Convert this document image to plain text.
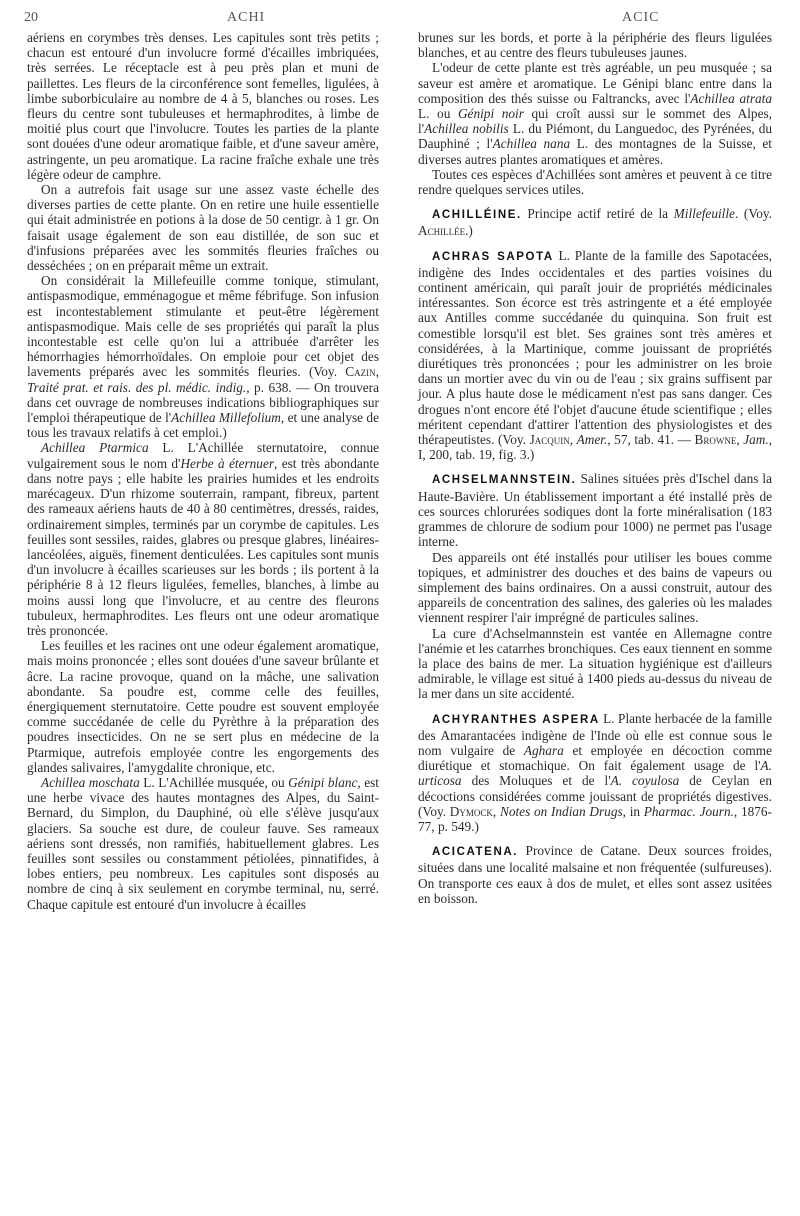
20	ACHI	ACIC

aériens en corymbes très denses. Les capitules sont très petits ; chacun est entouré d'un involucre formé d'écailles imbriquées, très serrées. Le réceptacle est à peu près plan et muni de paillettes. Les fleurs de la circonférence sont femelles, ligulées, à limbe suborbiculaire au nombre de 4 à 5, blanches ou roses. Les fleurs du centre sont tubuleuses et hermaphrodites, à limbe de moitié plus court que l'involucre. Toutes les parties de la plante sont douées d'une odeur aromatique faible, et d'une saveur amère, astringente, un peu aromatique. La racine fraîche exhale une très légère odeur de camphre.

On a autrefois fait usage sur une assez vaste échelle des diverses parties de cette plante. On en retire une huile essentielle qui était administrée en potions à la dose de 50 centigr. à 1 gr. On faisait usage également de son eau distillée, de son suc et d'infusions préparées avec les sommités fleuries fraîches ou desséchées ; on en préparait même un extrait.

On considérait la Millefeuille comme tonique, stimulant, antispasmodique, emménagogue et même fébrifuge. Son infusion est incontestablement stimulante et peut-être légèrement antispasmodique. Mais celle de ses propriétés qui paraît la plus incontestable est celle qu'on lui a attribuée d'arrêter les hémorrhagies hémorrhoïdales. On emploie pour cet objet des lavements préparés avec les sommités fleuries. (Voy. Cazin, Traité prat. et rais. des pl. médic. indig., p. 638. — On trouvera dans cet ouvrage de nombreuses indications bibliographiques sur l'emploi thérapeutique de l'Achillea Millefolium, et une analyse de tous les travaux relatifs à cet emploi.)

Achillea Ptarmica L. L'Achillée sternutatoire, connue vulgairement sous le nom d'Herbe à éternuer, est très abondante dans notre pays ; elle habite les prairies humides et les endroits marécageux. D'un rhizome souterrain, rampant, fibreux, partent des rameaux aériens hauts de 40 à 80 centimètres, dressés, raides, ordinairement simples, terminés par un corymbe de capitules. Les feuilles sont sessiles, raides, glabres ou presque glabres, linéaires-lancéolées, aiguës, finement denticulées. Les capitules sont munis d'un involucre à écailles scarieuses sur les bords ; ils portent à la périphérie 8 à 12 fleurs ligulées, femelles, blanches, à limbe au moins aussi long que l'involucre, et au centre des fleurons tubuleux, hermaphrodites. Les fleurs ont une odeur aromatique très prononcée.

Les feuilles et les racines ont une odeur également aromatique, mais moins prononcée ; elles sont douées d'une saveur brûlante et âcre. La racine provoque, quand on la mâche, une salivation abondante. Sa poudre est, comme celle des feuilles, énergiquement sternutatoire. Cette poudre est souvent employée comme succédanée de celle du Pyrèthre à la préparation des poudres insecticides. On ne se sert plus en médecine de la Ptarmique, autrefois employée contre les engorgements des glandes salivaires, l'amygdalite chronique, etc.

Achillea moschata L. L'Achillée musquée, ou Génipi blanc, est une herbe vivace des hautes montagnes des Alpes, du Saint-Bernard, du Simplon, du Dauphiné, où elle s'élève jusqu'aux glaciers. Sa souche est dure, de couleur fauve. Ses rameaux aériens sont dressés, non ramifiés, habituellement glabres. Les feuilles sont sessiles ou constamment pétiolées, pinnatifides, à lobes entiers, peu nombreux. Les capitules sont disposés au nombre de cinq à six seulement en corymbe terminal, nu, serré. Chaque capitule est entouré d'un involucre à écailles

brunes sur les bords, et porte à la périphérie des fleurs ligulées blanches, et au centre des fleurs tubuleuses jaunes.

L'odeur de cette plante est très agréable, un peu musquée ; sa saveur est amère et aromatique. Le Génipi blanc entre dans la composition des thés suisse ou Faltrancks, avec l'Achillea atrata L. ou Génipi noir qui croît aussi sur le sommet des Alpes, l'Achillea nobilis L. du Piémont, du Languedoc, des Pyrénées, du Dauphiné ; l'Achillea nana L. des montagnes de la Suisse, et diverses autres plantes aromatiques et amères.

Toutes ces espèces d'Achillées sont amères et peuvent à ce titre rendre quelques services utiles.

ACHILLÉINE. Principe actif retiré de la Millefeuille. (Voy. Achillée.)

ACHRAS SAPOTA L. Plante de la famille des Sapotacées, indigène des Indes occidentales et des parties voisines du continent américain, qui paraît jouir de propriétés médicinales intéressantes. Son écorce est très astringente et a été employée aux Antilles comme succédanée du quinquina. Son fruit est comestible lorsqu'il est blet. Ses graines sont très amères et considérées, à la Martinique, comme jouissant de propriétés diurétiques très prononcées ; pour les administrer on les broie dans un mortier avec du vin ou de l'eau ; six grains suffisent par jour. A plus haute dose le médicament n'est pas sans danger. Ces drogues n'ont encore été l'objet d'aucune étude scientifique ; elles méritent cependant d'attirer l'attention des physiologistes et des thérapeutistes. (Voy. Jacquin, Amer., 57, tab. 41. — Browne, Jam., I, 200, tab. 19, fig. 3.)

ACHSELMANNSTEIN. Salines situées près d'Ischel dans la Haute-Bavière. Un établissement important a été installé près de ces sources chlorurées sodiques dont la forte minéralisation (183 grammes de chlorure de sodium pour 1000) ne permet pas l'usage interne.

Des appareils ont été installés pour utiliser les boues comme topiques, et administrer des douches et des bains de vapeurs ou simplement des bains ordinaires. On a aussi construit, autour des appareils de concentration des salines, des galeries où les malades viennent respirer l'air imprégné de particules salines.

La cure d'Achselmannstein est vantée en Allemagne contre l'anémie et les catarrhes bronchiques. Ces eaux tiennent en somme la place des bains de mer. La situation hygiénique est d'ailleurs admirable, le village est situé à 1400 pieds au-dessus du niveau de la mer dans un site accidenté.

ACHYRANTHES ASPERA L. Plante herbacée de la famille des Amarantacées indigène de l'Inde où elle est connue sous le nom vulgaire de Aghara et employée en décoction comme diurétique et stomachique. On fait également usage de l'A. urticosa des Moluques et de l'A. coyulosa de Ceylan en décoctions considérées comme jouissant de propriétés digestives. (Voy. Dymock, Notes on Indian Drugs, in Pharmac. Journ., 1876-77, p. 549.)

ACICATENA. Province de Catane. Deux sources froides, situées dans une localité malsaine et non fréquentée (sulfureuses). On transporte ces eaux à dos de mulet, et elles sont assez usitées en boisson.
